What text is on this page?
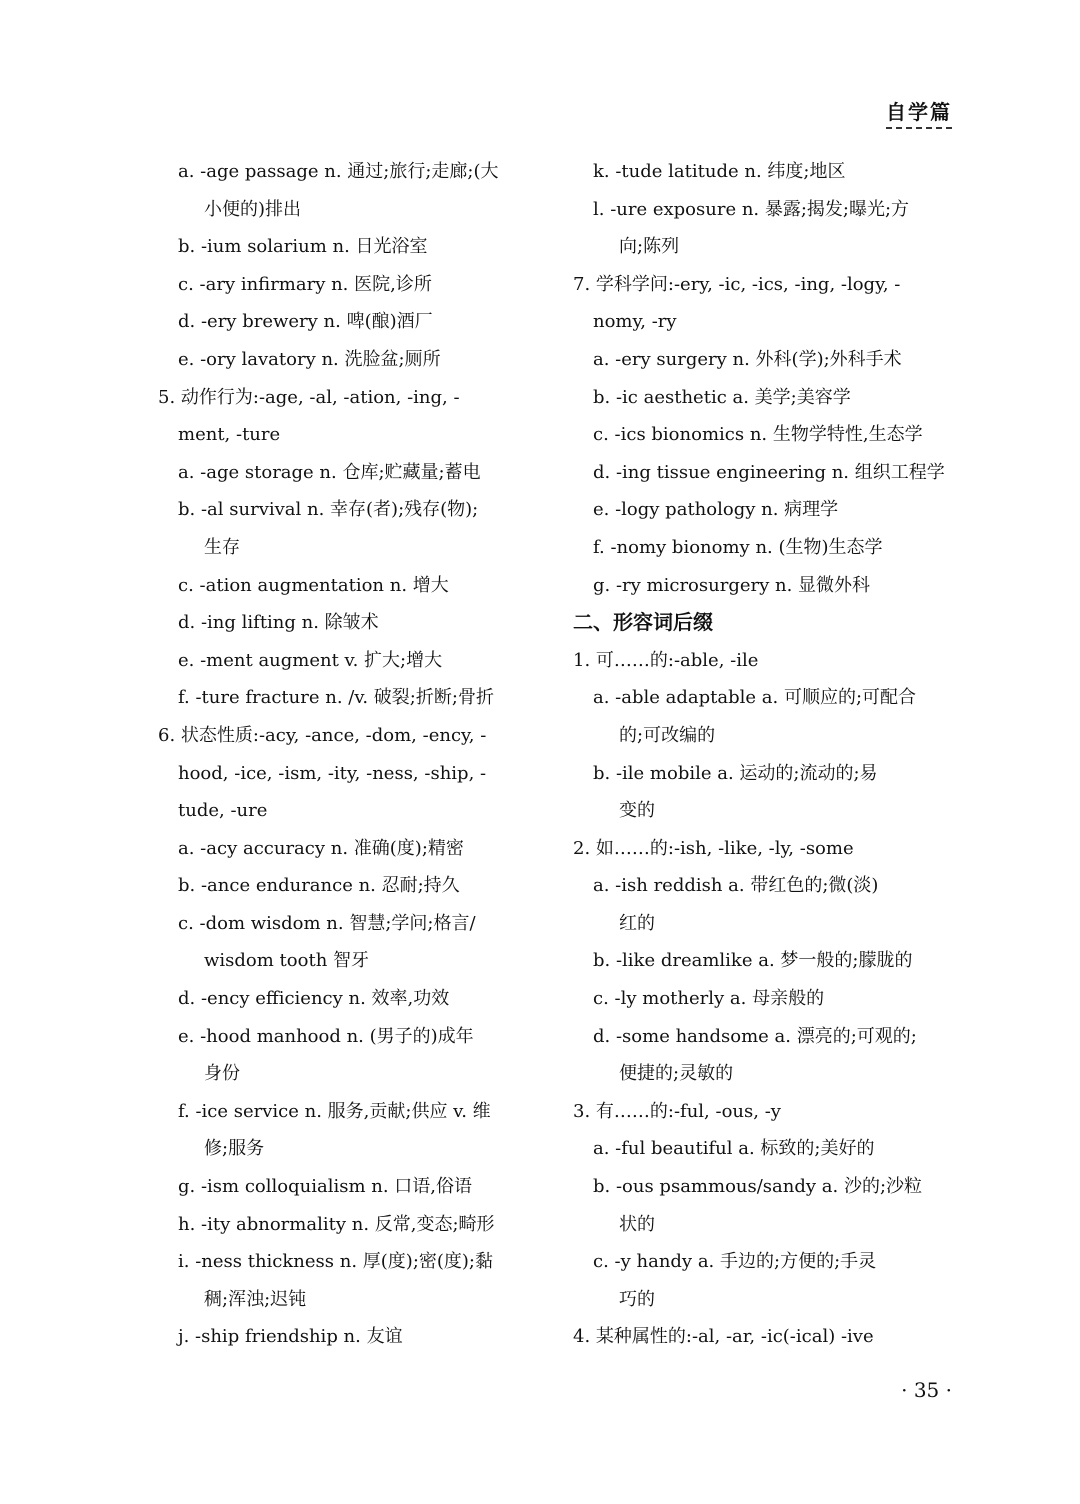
自学篇
a. -age passage n. 通过;旅行;走廊;(大
小便的)排出
b. -ium solarium n. 日光浴室
c. -ary infirmary n. 医院,诊所
d. -ery brewery n. 啤(酿)酒厂
e. -ory lavatory n. 洗脸盆;厕所
5. 动作行为:-age, -al, -ation, -ing, -
ment, -ture
a. -age storage n. 仓库;贮藏量;蓄电
b. -al survival n. 幸存(者);残存(物);
生存
c. -ation augmentation n. 增大
d. -ing lifting n. 除皱术
e. -ment augment v. 扩大;增大
f. -ture fracture n. /v. 破裂;折断;骨折
6. 状态性质:-acy, -ance, -dom, -ency, -
hood, -ice, -ism, -ity, -ness, -ship, -
tude, -ure
a. -acy accuracy n. 准确(度);精密
b. -ance endurance n. 忍耐;持久
c. -dom wisdom n. 智慧;学问;格言/
wisdom tooth 智牙
d. -ency efficiency n. 效率,功效
e. -hood manhood n. (男子的)成年
身份
f. -ice service n. 服务,贡献;供应 v. 维
修;服务
g. -ism colloquialism n. 口语,俗语
h. -ity abnormality n. 反常,变态;畸形
i. -ness thickness n. 厚(度);密(度);黏
稠;浑浊;迟钝
j. -ship friendship n. 友谊
k. -tude latitude n. 纬度;地区
l. -ure exposure n. 暴露;揭发;曝光;方
向;陈列
7. 学科学问:-ery, -ic, -ics, -ing, -logy, -
nomy, -ry
a. -ery surgery n. 外科(学);外科手术
b. -ic aesthetic a. 美学;美容学
c. -ics bionomics n. 生物学特性,生态学
d. -ing tissue engineering n. 组织工程学
e. -logy pathology n. 病理学
f. -nomy bionomy n. (生物)生态学
g. -ry microsurgery n. 显微外科
二、形容词后缀
1. 可……的:-able, -ile
a. -able adaptable a. 可顺应的;可配合
的;可改编的
b. -ile mobile a. 运动的;流动的;易
变的
2. 如……的:-ish, -like, -ly, -some
a. -ish reddish a. 带红色的;微(淡)
红的
b. -like dreamlike a. 梦一般的;朦胧的
c. -ly motherly a. 母亲般的
d. -some handsome a. 漂亮的;可观的;
便捷的;灵敏的
3. 有……的:-ful, -ous, -y
a. -ful beautiful a. 标致的;美好的
b. -ous psammous/sandy a. 沙的;沙粒
状的
c. -y handy a. 手边的;方便的;手灵
巧的
4. 某种属性的:-al, -ar, -ic(-ical) -ive
· 35 ·
